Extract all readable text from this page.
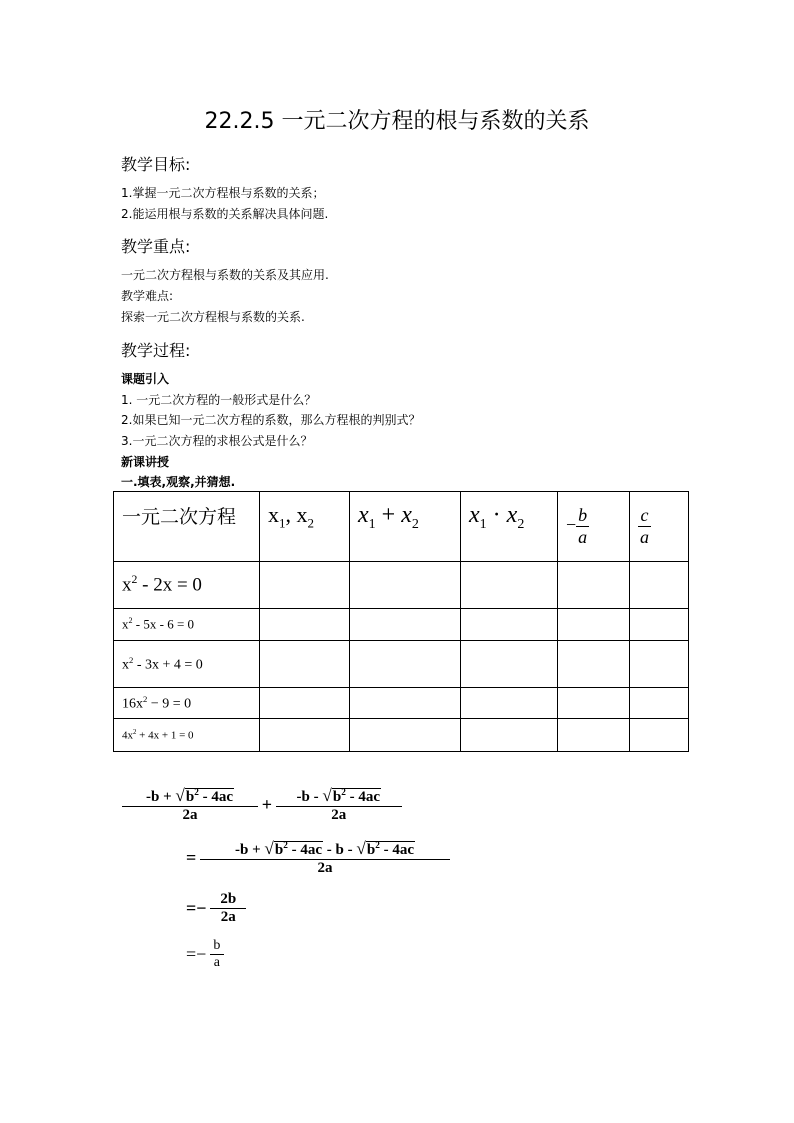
22.2.5 一元二次方程的根与系数的关系
教学目标:
1.掌握一元二次方程根与系数的关系；
2.能运用根与系数的关系解决具体问题.
教学重点:
一元二次方程根与系数的关系及其应用.
教学难点:
探索一元二次方程根与系数的关系.
教学过程:
课题引入
1. 一元二次方程的一般形式是什么？
2.如果已知一元二次方程的系数，那么方程根的判别式？
3.一元二次方程的求根公式是什么？
新课讲授
一.填表,观察,并猜想.
一元二次方程	$x_1$, $x_2$	$x_1 + x_2$	$x_1 \cdot x_2$	− $\frac{b}{a}$	$\frac{c}{a}$

$x^2 - 2x = 0$					
$x^2 - 5x - 6 = 0$					
$x^2 - 3x + 4 = 0$					
$16x^2 - 9 = 0$					
$4x^2 + 4x + 1 = 0$					
$\frac{-b + √b^2 - 4ac}{2a} + \frac{-b - √b^2 - 4ac}{2a}$
= $\frac{-b + √b^2 - 4ac - b - √b^2 - 4ac}{2a}$
=− $\frac{2b}{2a}$
=− $\frac{b}{a}$
